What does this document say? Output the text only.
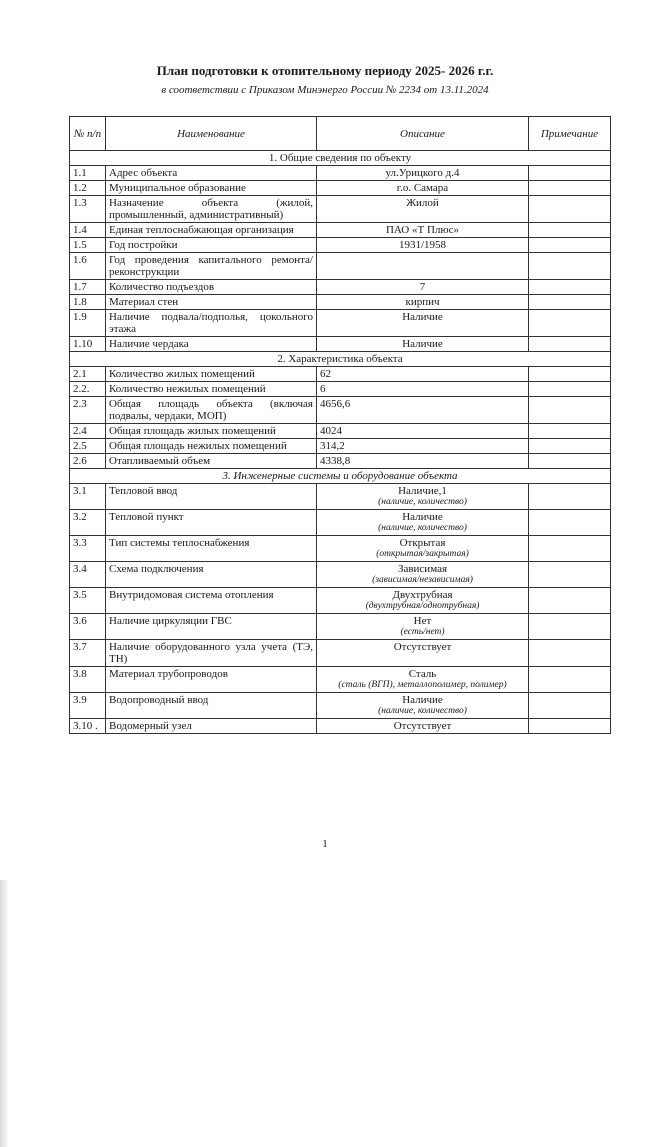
План подготовки к отопительному периоду 2025- 2026 г.г.
в соответствии с Приказом Минэнерго России № 2234 от 13.11.2024
№ п/п	Наименование	Описание	Примечание
1. Общие сведения по объекту			
1.1	Адрес объекта	ул.Урицкого д.4	
1.2	Муниципальное образование	г.о. Самара	
1.3	Назначение объекта (жилой, промышленный, административный)	Жилой	
1.4	Единая теплоснабжающая организация	ПАО «Т Плюс»	
1.5	Год постройки	1931/1958	
1.6	Год проведения капитального ремонта/реконструкции		
1.7	Количество подъездов	7	
1.8	Материал стен	кирпич	
1.9	Наличие подвала/подполья, цокольного этажа	Наличие	
1.10	Наличие чердака	Наличие	
2. Характеристика объекта			
2.1	Количество жилых помещений	62	
2.2.	Количество нежилых помещений	6	
2.3	Общая площадь объекта (включая подвалы, чердаки, МОП)	4656,6	
2.4	Общая площадь жилых помещений	4024	
2.5	Общая площадь нежилых помещений	314,2	
2.6	Отапливаемый объем	4338,8	
3. Инженерные системы и оборудование объекта			
3.1	Тепловой ввод	Наличие,1
(наличие, количество)	

3.2	Тепловой пункт	Наличие
(наличие, количество)	

3.3	Тип системы теплоснабжения	Открытая
(открытая/закрытая)	

3.4	Схема подключения	Зависимая
(зависимая/независимая)	

3.5	Внутридомовая система отопления	Двухтрубная
(двухтрубная/однотрубная)	

3.6	Наличие циркуляции ГВС	Нет
(есть/нет)	

3.7	Наличие оборудованного узла учета (ТЭ, ТН)	Отсутствует	
3.8	Материал трубопроводов	Сталь
(сталь (ВГП), металлополимер, полимер)	

3.9	Водопроводный ввод	Наличие
(наличие, количество)	

3.10 .	Водомерный узел	Отсутствует	
1
